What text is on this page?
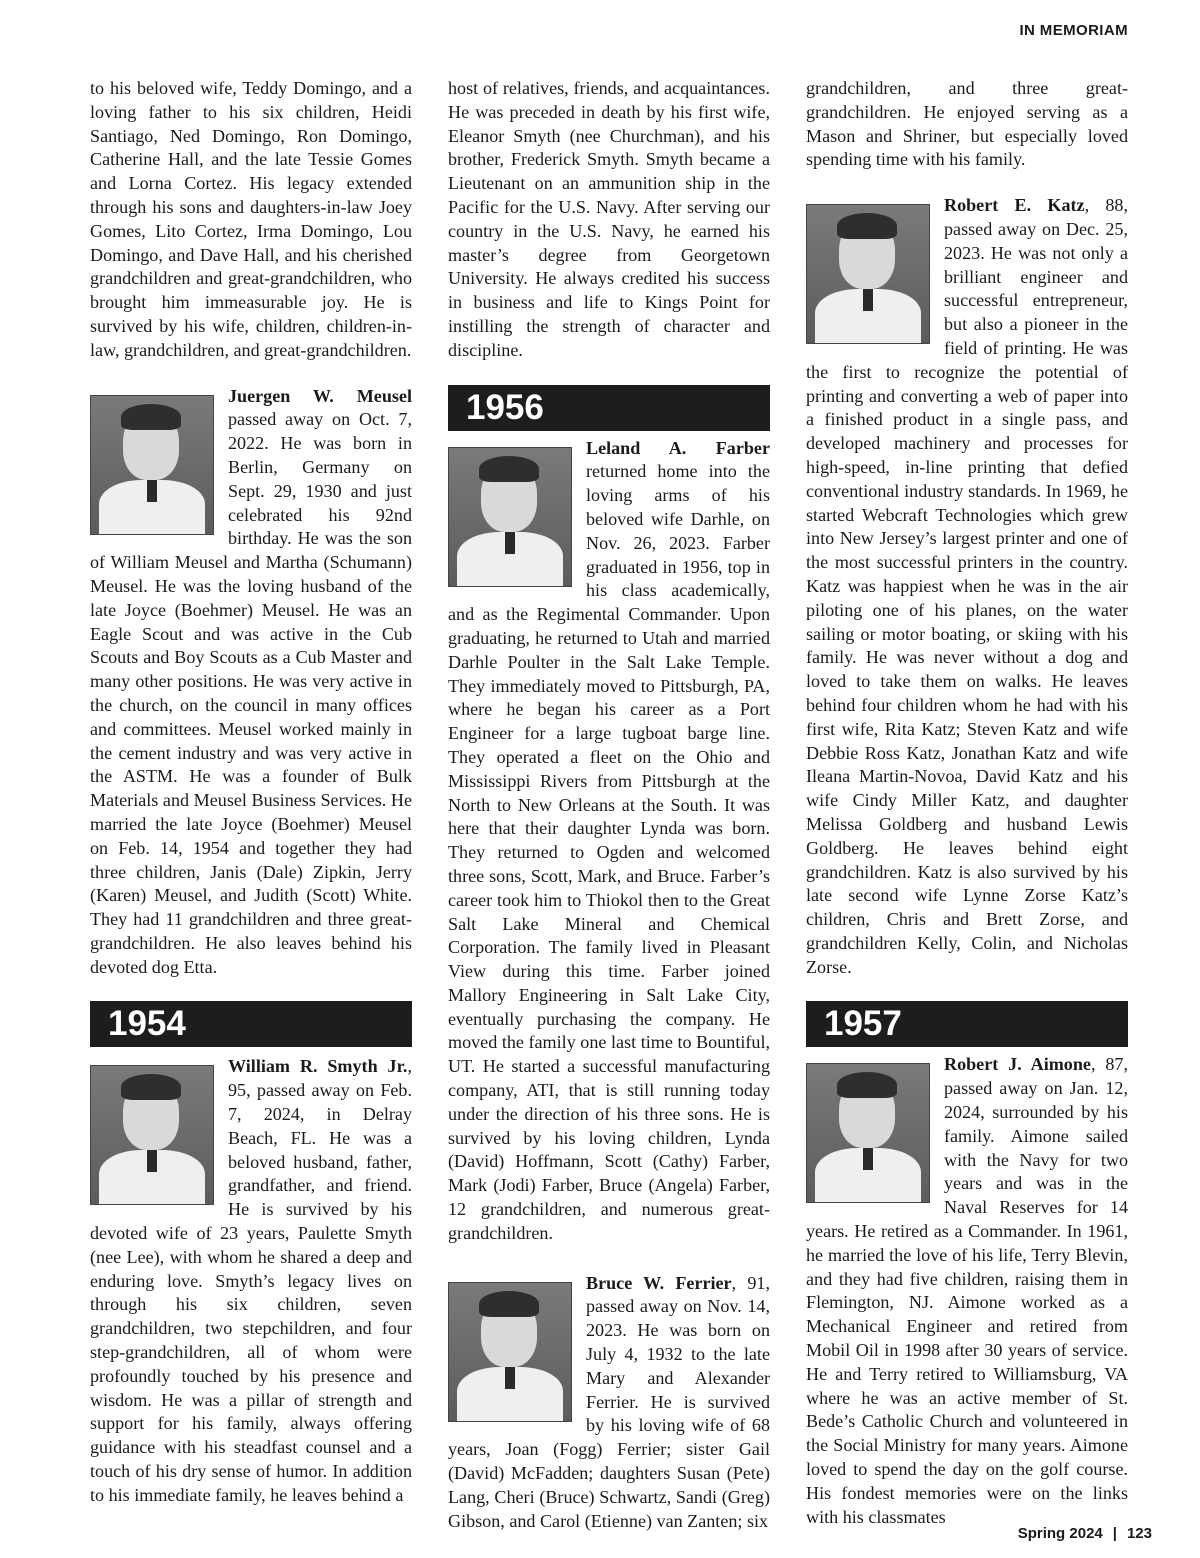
IN MEMORIAM

to his beloved wife, Teddy Domingo, and a loving father to his six children, Heidi Santiago, Ned Domingo, Ron Domingo, Catherine Hall, and the late Tessie Gomes and Lorna Cortez. His legacy extended through his sons and daughters-in-law Joey Gomes, Lito Cortez, Irma Domingo, Lou Domingo, and Dave Hall, and his cherished grandchildren and great-grandchildren, who brought him immeasurable joy. He is survived by his wife, children, children-in-law, grandchildren, and great-grandchildren.

Juergen W. Meusel passed away on Oct. 7, 2022. He was born in Berlin, Germany on Sept. 29, 1930 and just celebrated his 92nd birthday. He was the son of William Meusel and Martha (Schumann) Meusel. He was the loving husband of the late Joyce (Boehmer) Meusel. He was an Eagle Scout and was active in the Cub Scouts and Boy Scouts as a Cub Master and many other positions. He was very active in the church, on the council in many offices and committees. Meusel worked mainly in the cement industry and was very active in the ASTM. He was a founder of Bulk Materials and Meusel Business Services. He married the late Joyce (Boehmer) Meusel on Feb. 14, 1954 and together they had three children, Janis (Dale) Zipkin, Jerry (Karen) Meusel, and Judith (Scott) White. They had 11 grandchildren and three great-grandchildren. He also leaves behind his devoted dog Etta.

1954

William R. Smyth Jr., 95, passed away on Feb. 7, 2024, in Delray Beach, FL. He was a beloved husband, father, grandfather, and friend. He is survived by his devoted wife of 23 years, Paulette Smyth (nee Lee), with whom he shared a deep and enduring love. Smyth’s legacy lives on through his six children, seven grandchildren, two stepchildren, and four step-grandchildren, all of whom were profoundly touched by his presence and wisdom. He was a pillar of strength and support for his family, always offering guidance with his steadfast counsel and a touch of his dry sense of humor. In addition to his immediate family, he leaves behind a

host of relatives, friends, and acquaintances. He was preceded in death by his first wife, Eleanor Smyth (nee Churchman), and his brother, Frederick Smyth. Smyth became a Lieutenant on an ammunition ship in the Pacific for the U.S. Navy. After serving our country in the U.S. Navy, he earned his master’s degree from Georgetown University. He always credited his success in business and life to Kings Point for instilling the strength of character and discipline.

1956

Leland A. Farber returned home into the loving arms of his beloved wife Darhle, on Nov. 26, 2023. Farber graduated in 1956, top in his class academically, and as the Regimental Commander. Upon graduating, he returned to Utah and married Darhle Poulter in the Salt Lake Temple. They immediately moved to Pittsburgh, PA, where he began his career as a Port Engineer for a large tugboat barge line. They operated a fleet on the Ohio and Mississippi Rivers from Pittsburgh at the North to New Orleans at the South. It was here that their daughter Lynda was born. They returned to Ogden and welcomed three sons, Scott, Mark, and Bruce. Farber’s career took him to Thiokol then to the Great Salt Lake Mineral and Chemical Corporation. The family lived in Pleasant View during this time. Farber joined Mallory Engineering in Salt Lake City, eventually purchasing the company. He moved the family one last time to Bountiful, UT. He started a successful manufacturing company, ATI, that is still running today under the direction of his three sons. He is survived by his loving children, Lynda (David) Hoffmann, Scott (Cathy) Farber, Mark (Jodi) Farber, Bruce (Angela) Farber, 12 grandchildren, and numerous great-grandchildren.

Bruce W. Ferrier, 91, passed away on Nov. 14, 2023. He was born on July 4, 1932 to the late Mary and Alexander Ferrier. He is survived by his loving wife of 68 years, Joan (Fogg) Ferrier; sister Gail (David) McFadden; daughters Susan (Pete) Lang, Cheri (Bruce) Schwartz, Sandi (Greg) Gibson, and Carol (Etienne) van Zanten; six

grandchildren, and three great-grandchildren. He enjoyed serving as a Mason and Shriner, but especially loved spending time with his family.

Robert E. Katz, 88, passed away on Dec. 25, 2023. He was not only a brilliant engineer and successful entrepreneur, but also a pioneer in the field of printing. He was the first to recognize the potential of printing and converting a web of paper into a finished product in a single pass, and developed machinery and processes for high-speed, in-line printing that defied conventional industry standards. In 1969, he started Webcraft Technologies which grew into New Jersey’s largest printer and one of the most successful printers in the country. Katz was happiest when he was in the air piloting one of his planes, on the water sailing or motor boating, or skiing with his family. He was never without a dog and loved to take them on walks. He leaves behind four children whom he had with his first wife, Rita Katz; Steven Katz and wife Debbie Ross Katz, Jonathan Katz and wife Ileana Martin-Novoa, David Katz and his wife Cindy Miller Katz, and daughter Melissa Goldberg and husband Lewis Goldberg. He leaves behind eight grandchildren. Katz is also survived by his late second wife Lynne Zorse Katz’s children, Chris and Brett Zorse, and grandchildren Kelly, Colin, and Nicholas Zorse.

1957

Robert J. Aimone, 87, passed away on Jan. 12, 2024, surrounded by his family. Aimone sailed with the Navy for two years and was in the Naval Reserves for 14 years. He retired as a Commander. In 1961, he married the love of his life, Terry Blevin, and they had five children, raising them in Flemington, NJ. Aimone worked as a Mechanical Engineer and retired from Mobil Oil in 1998 after 30 years of service. He and Terry retired to Williamsburg, VA where he was an active member of St. Bede’s Catholic Church and volunteered in the Social Ministry for many years. Aimone loved to spend the day on the golf course. His fondest memories were on the links with his classmates

Spring 2024 | 123
